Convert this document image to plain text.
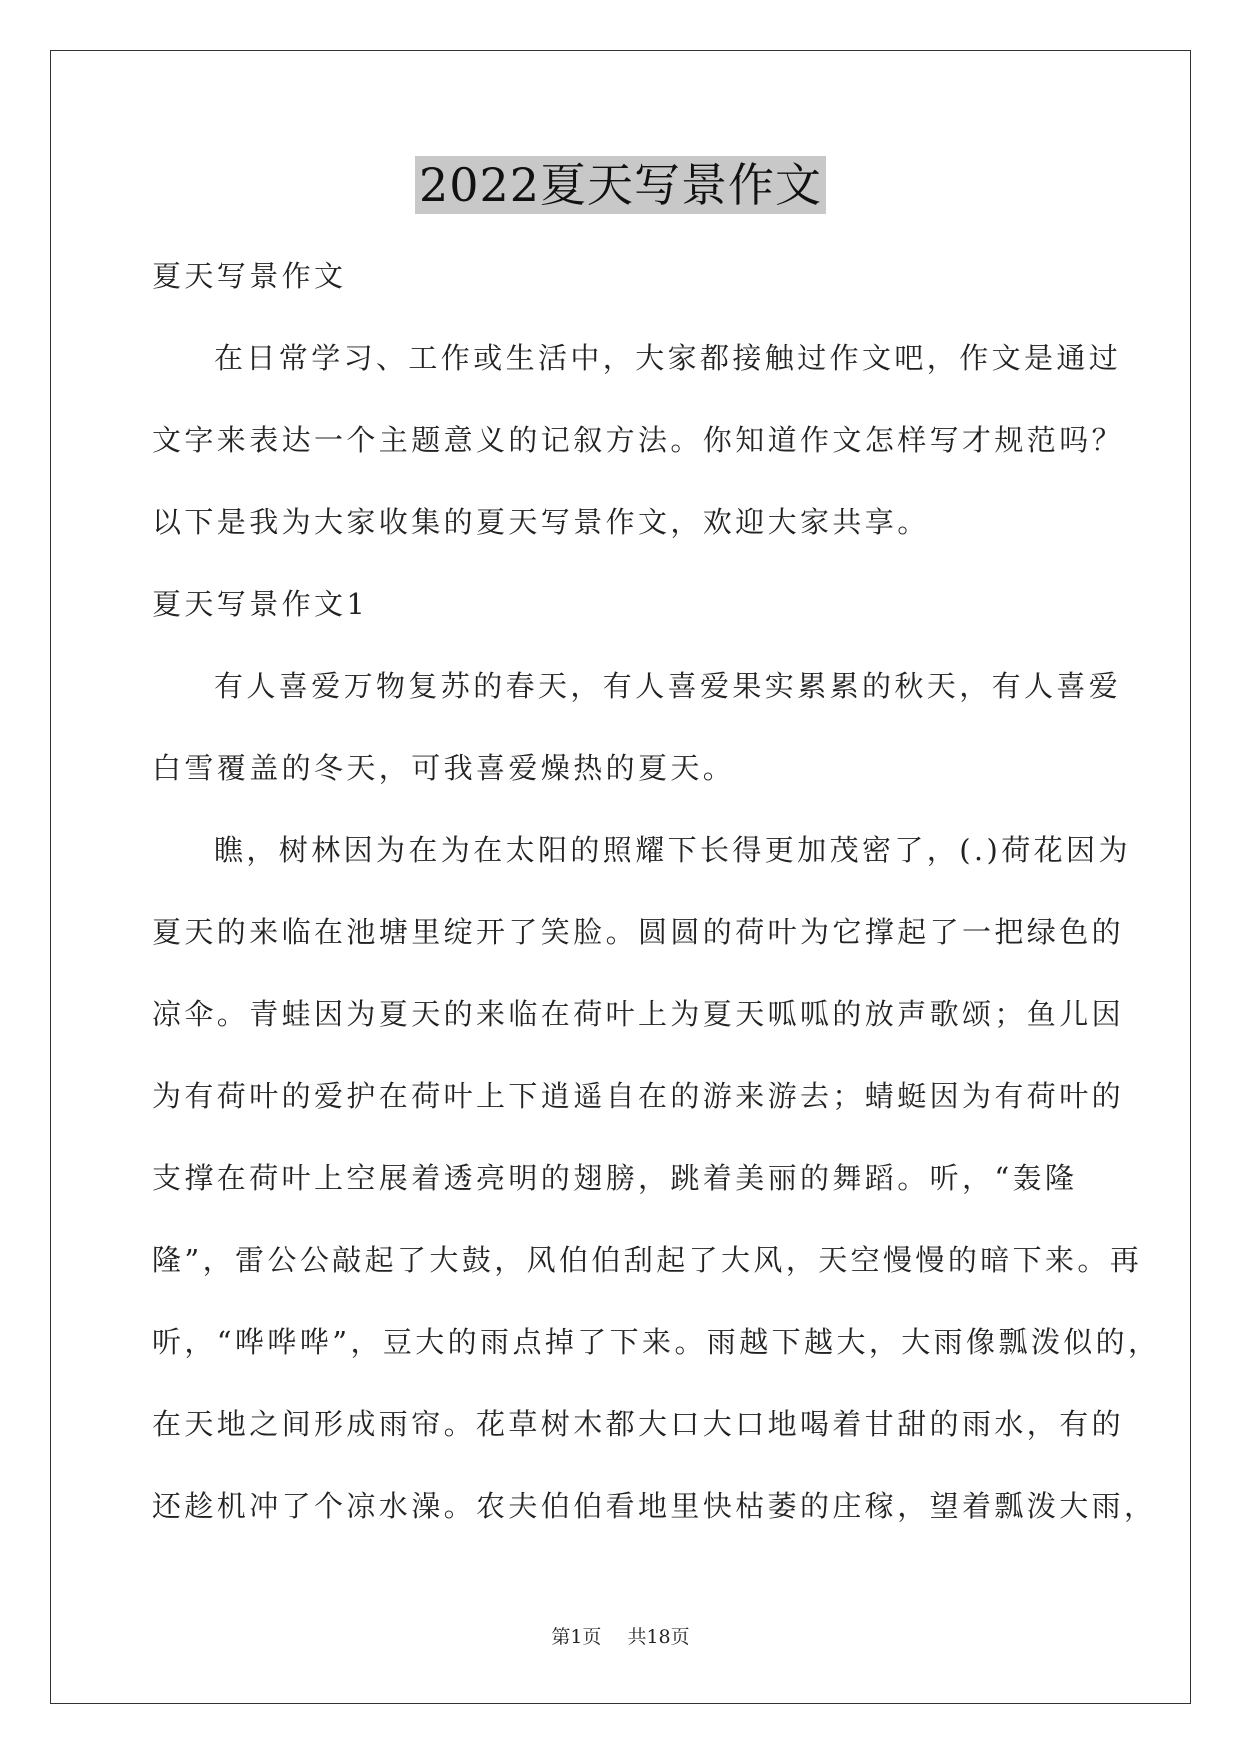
2022夏天写景作文
夏天写景作文
在日常学习、工作或生活中，大家都接触过作文吧，作文是通过
文字来表达一个主题意义的记叙方法。你知道作文怎样写才规范吗？
以下是我为大家收集的夏天写景作文，欢迎大家共享。
夏天写景作文1
有人喜爱万物复苏的春天，有人喜爱果实累累的秋天，有人喜爱
白雪覆盖的冬天，可我喜爱燥热的夏天。
瞧，树林因为在为在太阳的照耀下长得更加茂密了，(.)荷花因为
夏天的来临在池塘里绽开了笑脸。圆圆的荷叶为它撑起了一把绿色的
凉伞。青蛙因为夏天的来临在荷叶上为夏天呱呱的放声歌颂；鱼儿因
为有荷叶的爱护在荷叶上下逍遥自在的游来游去；蜻蜓因为有荷叶的
支撑在荷叶上空展着透亮明的翅膀，跳着美丽的舞蹈。听，“轰隆
隆”，雷公公敲起了大鼓，风伯伯刮起了大风，天空慢慢的暗下来。再
听，“哗哗哗”，豆大的雨点掉了下来。雨越下越大，大雨像瓢泼似的，
在天地之间形成雨帘。花草树木都大口大口地喝着甘甜的雨水，有的
还趁机冲了个凉水澡。农夫伯伯看地里快枯萎的庄稼，望着瓢泼大雨，
第1页 共18页
